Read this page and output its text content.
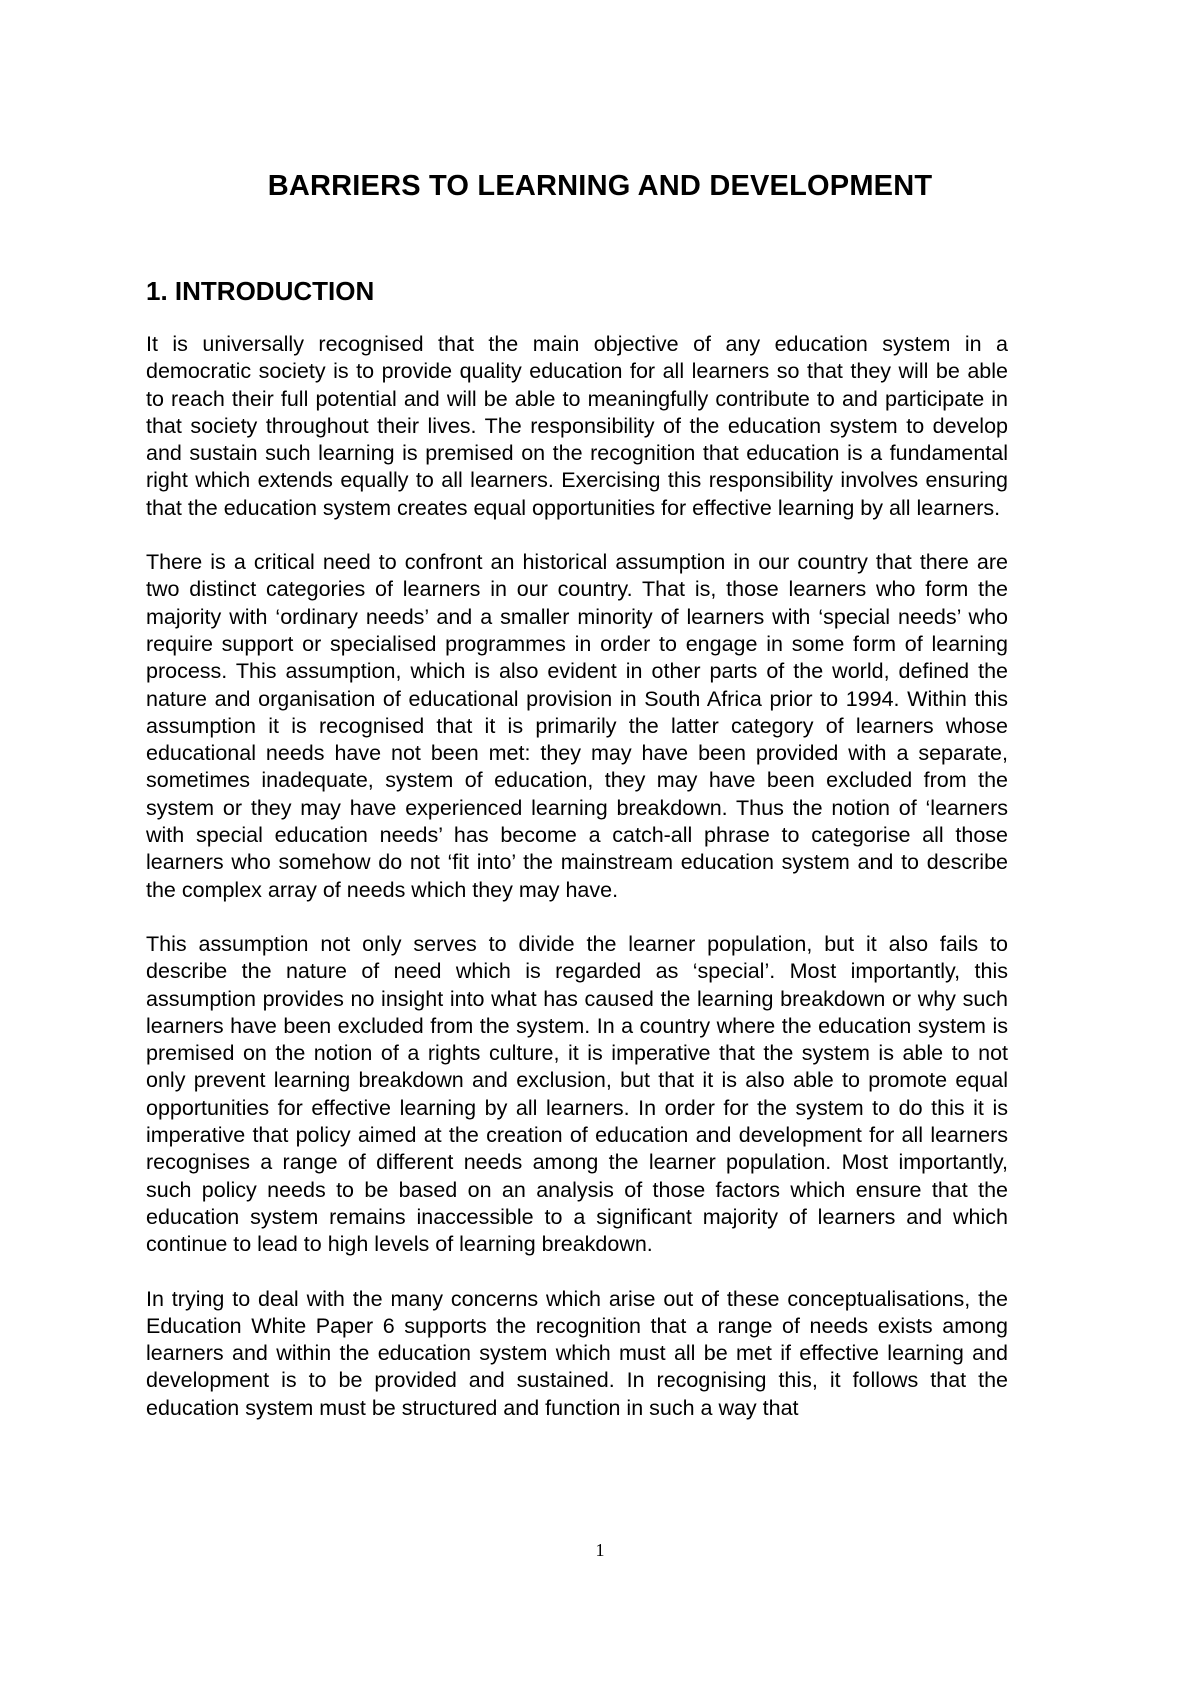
BARRIERS TO LEARNING AND DEVELOPMENT
1. INTRODUCTION

It is universally recognised that the main objective of any education system in a democratic society is to provide quality education for all learners so that they will be able to reach their full potential and will be able to meaningfully contribute to and participate in that society throughout their lives. The responsibility of the education system to develop and sustain such learning is premised on the recognition that education is a fundamental right which extends equally to all learners. Exercising this responsibility involves ensuring that the education system creates equal opportunities for effective learning by all learners.

There is a critical need to confront an historical assumption in our country that there are two distinct categories of learners in our country. That is, those learners who form the majority with ‘ordinary needs’ and a smaller minority of learners with ‘special needs’ who require support or specialised programmes in order to engage in some form of learning process. This assumption, which is also evident in other parts of the world, defined the nature and organisation of educational provision in South Africa prior to 1994. Within this assumption it is recognised that it is primarily the latter category of learners whose educational needs have not been met: they may have been provided with a separate, sometimes inadequate, system of education, they may have been excluded from the system or they may have experienced learning breakdown. Thus the notion of ‘learners with special education needs’ has become a catch-all phrase to categorise all those learners who somehow do not ‘fit into’ the mainstream education system and to describe the complex array of needs which they may have.

This assumption not only serves to divide the learner population, but it also fails to describe the nature of need which is regarded as ‘special’. Most importantly, this assumption provides no insight into what has caused the learning breakdown or why such learners have been excluded from the system. In a country where the education system is premised on the notion of a rights culture, it is imperative that the system is able to not only prevent learning breakdown and exclusion, but that it is also able to promote equal opportunities for effective learning by all learners. In order for the system to do this it is imperative that policy aimed at the creation of education and development for all learners recognises a range of different needs among the learner population. Most importantly, such policy needs to be based on an analysis of those factors which ensure that the education system remains inaccessible to a significant majority of learners and which continue to lead to high levels of learning breakdown.

In trying to deal with the many concerns which arise out of these conceptualisations, the Education White Paper 6 supports the recognition that a range of needs exists among learners and within the education system which must all be met if effective learning and development is to be provided and sustained. In recognising this, it follows that the education system must be structured and function in such a way that

1
